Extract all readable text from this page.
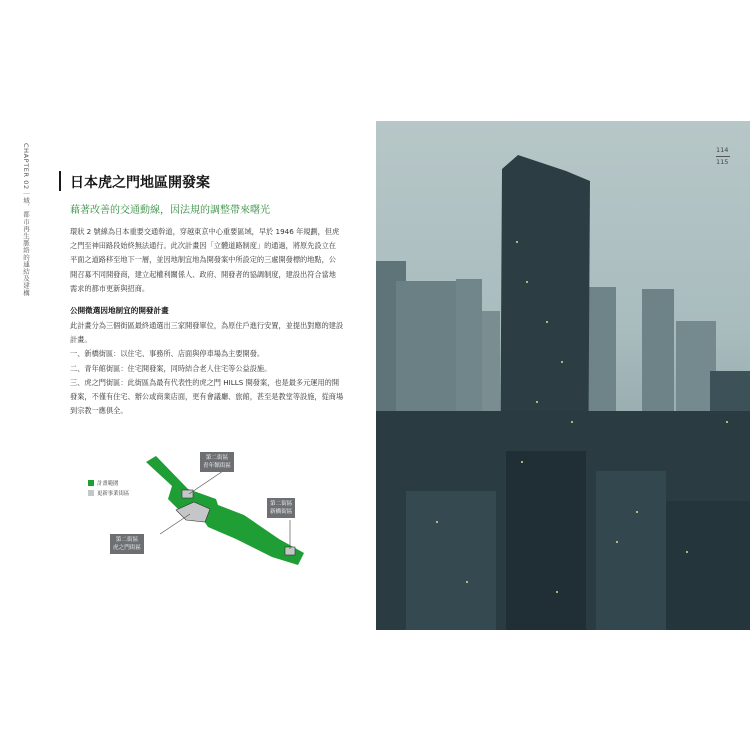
CHAPTER 02｜城．都市再生脈絡的連結及建構	日本虎之門地區開發案
藉著改善的交通動線，因法規的調整帶來曙光

環狀 2 號線為日本重要交通幹道，穿越東京中心重要區域，早於 1946 年規劃，但虎之門至神田路段始終無法通行。此次計畫因「立體道路制度」的通過，將原先設立在平面之道路移至地下一層，並因地制宜地為開發案中所設定的三處開發標的地點，公開召募不同開發商，建立起權利關係人、政府、開發者的協調制度，建設出符合當地需求的都市更新與招商。

公開徵選因地制宜的開發計畫

此計畫分為三個街區最終通選出三家開發單位，為原住戶進行安置，並提出對應的建設計畫。

一、新橋街區：以住宅、事務所、店面與停車場為主要開發。

二、青年館街區：住宅開發案，同時結合老人住宅等公益設施。

三、虎之門街區：此街區為最有代表性的虎之門 HILLS 開發案，也是最多元運用的開發案，不僅有住宅、辦公或商業店面，更有會議廳、旅館，甚至是教堂等設施，從商場到宗教一應俱全。

計畫範圍
更新事業街區
第二街區
青年館街區
第二街區
新橋街區
第二街區
虎之門街區
114
115
